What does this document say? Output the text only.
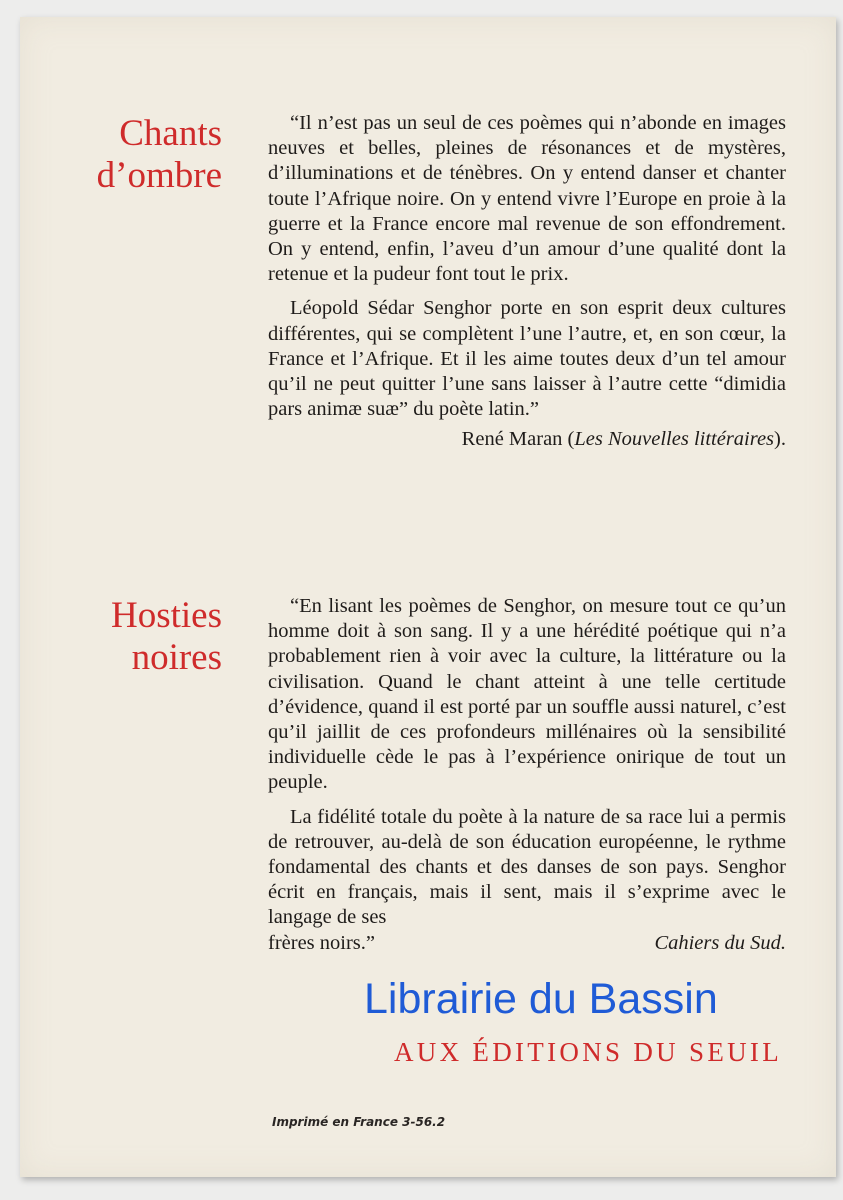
Chants
d’ombre

“Il n’est pas un seul de ces poèmes qui n’abonde en images neuves et belles, pleines de résonances et de mystères, d’illuminations et de ténèbres. On y entend danser et chanter toute l’Afrique noire. On y entend vivre l’Europe en proie à la guerre et la France encore mal revenue de son effondrement. On y entend, enfin, l’aveu d’un amour d’une qualité dont la retenue et la pudeur font tout le prix.

Léopold Sédar Senghor porte en son esprit deux cultures différentes, qui se complètent l’une l’autre, et, en son cœur, la France et l’Afrique. Et il les aime toutes deux d’un tel amour qu’il ne peut quitter l’une sans laisser à l’autre cette “dimidia pars animæ suæ” du poète latin.”

René Maran (Les Nouvelles littéraires).
Hosties
noires

“En lisant les poèmes de Senghor, on mesure tout ce qu’un homme doit à son sang. Il y a une hérédité poétique qui n’a probablement rien à voir avec la culture, la littérature ou la civilisation. Quand le chant atteint à une telle certitude d’évidence, quand il est porté par un souffle aussi naturel, c’est qu’il jaillit de ces profondeurs millénaires où la sensibilité individuelle cède le pas à l’expérience onirique de tout un peuple.

La fidélité totale du poète à la nature de sa race lui a permis de retrouver, au-delà de son éducation européenne, le rythme fondamental des chants et des danses de son pays. Senghor écrit en français, mais il sent, mais il s’exprime avec le langage de ses

frères noirs.”	Cahiers du Sud.
AUX ÉDITIONS DU SEUIL
Imprimé en France 3-56.2
Librairie du Bassin
